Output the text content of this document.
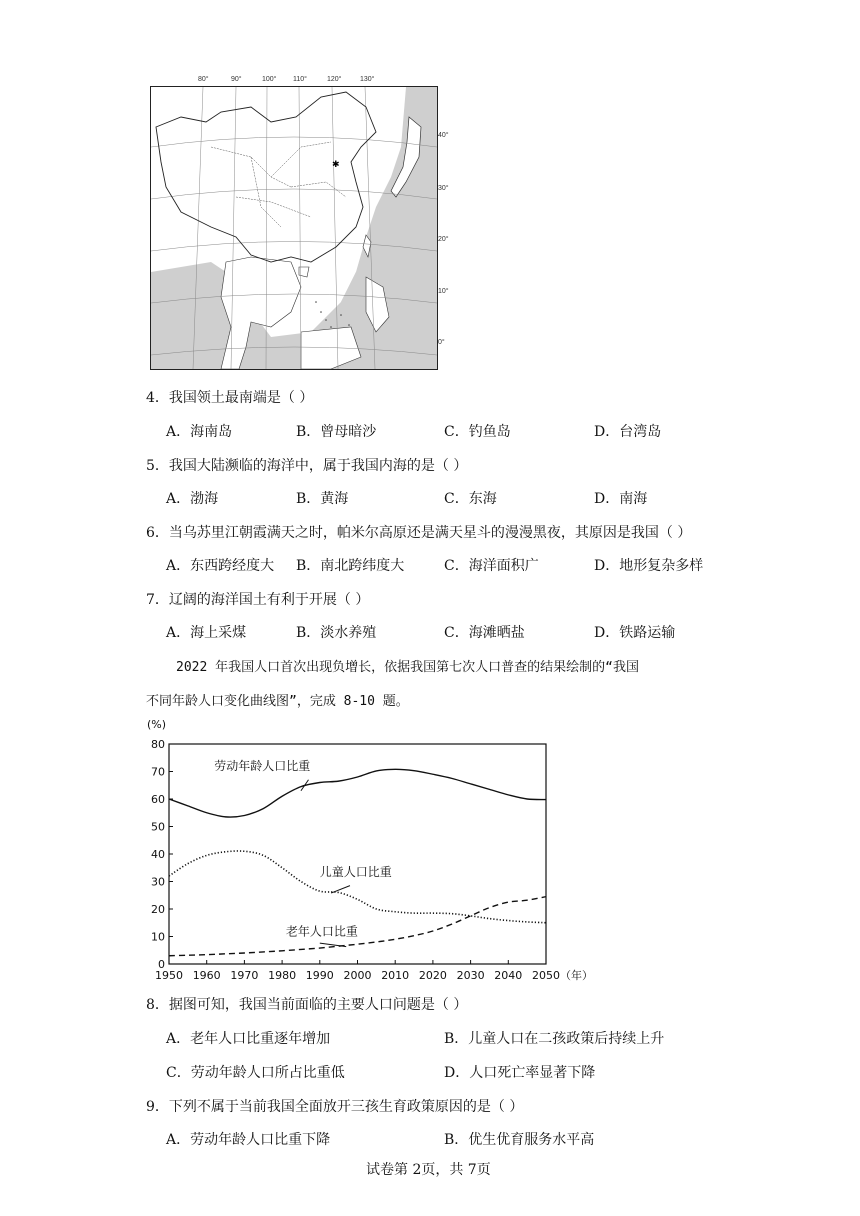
80°	90°	100° 110°	120°	130°
40°
30°
20°
10°
0°
✱
4．我国领土最南端是（ ）
A．海南岛	B．曾母暗沙	C．钓鱼岛	D．台湾岛
5．我国大陆濒临的海洋中，属于我国内海的是（ ）
A．渤海	B．黄海	C．东海	D．南海
6．当乌苏里江朝霞满天之时，帕米尔高原还是满天星斗的漫漫黑夜，其原因是我国（ ）
A．东西跨经度大 B．南北跨纬度大	C．海洋面积广	D．地形复杂多样
7．辽阔的海洋国土有利于开展（ ）
A．海上采煤	B．淡水养殖	C．海滩晒盐	D．铁路运输
2022 年我国人口首次出现负增长，依据我国第七次人口普查的结果绘制的“我国
不同年龄人口变化曲线图”，完成 8-10 题。
0
10
20
30
40
50
60
70
80
1950 1960 1970 1980 1990 2000 2010 2020 2030 2040 2050
(%)
（年）
劳动年龄人口比重
儿童人口比重
老年人口比重
8．据图可知，我国当前面临的主要人口问题是（ ）
A．老年人口比重逐年增加	B．儿童人口在二孩政策后持续上升
C．劳动年龄人口所占比重低	D．人口死亡率显著下降
9．下列不属于当前我国全面放开三孩生育政策原因的是（ ）
A．劳动年龄人口比重下降	B．优生优育服务水平高
试卷第 2页，共 7页
